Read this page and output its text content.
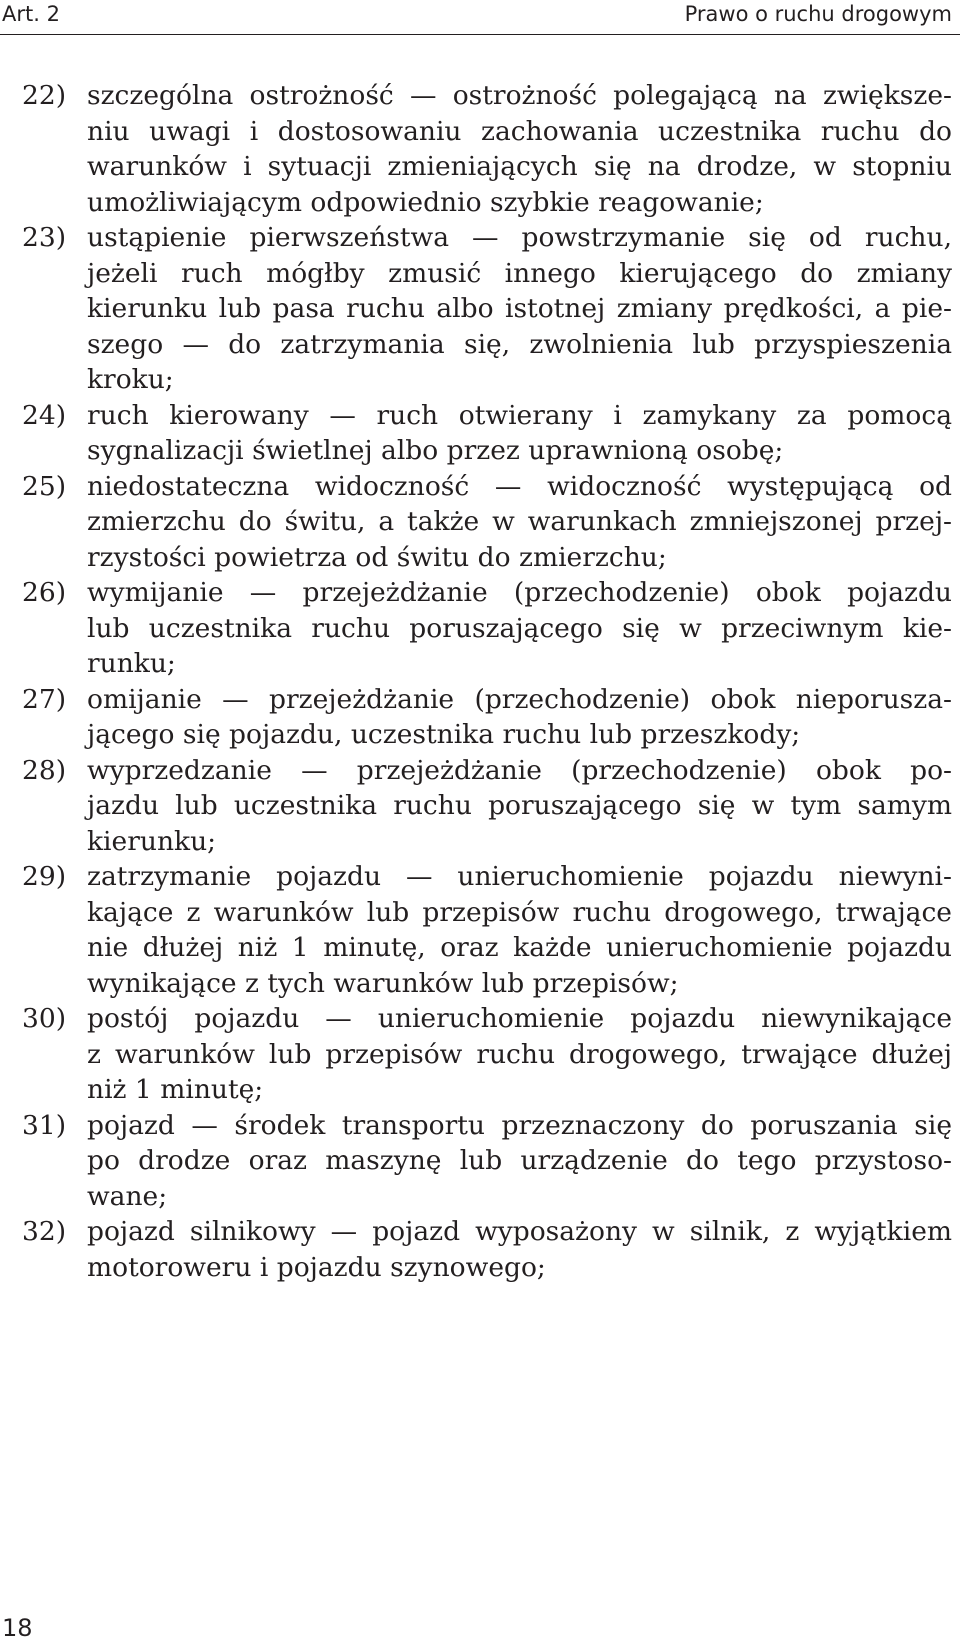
Art. 2	Prawo o ruchu drogowym
22) szczególna ostrożność — ostrożność polegającą na zwiększe-
niu uwagi i dostosowaniu zachowania uczestnika ruchu do
warunków i sytuacji zmieniających się na drodze, w stopniu
umożliwiającym odpowiednio szybkie reagowanie;
23) ustąpienie pierwszeństwa — powstrzymanie się od ruchu,
jeżeli ruch mógłby zmusić innego kierującego do zmiany
kierunku lub pasa ruchu albo istotnej zmiany prędkości, a pie-
szego — do zatrzymania się, zwolnienia lub przyspieszenia
kroku;
24) ruch kierowany — ruch otwierany i zamykany za pomocą
sygnalizacji świetlnej albo przez uprawnioną osobę;
25) niedostateczna widoczność — widoczność występującą od
zmierzchu do świtu, a także w warunkach zmniejszonej przej-
rzystości powietrza od świtu do zmierzchu;
26) wymijanie — przejeżdżanie (przechodzenie) obok pojazdu
lub uczestnika ruchu poruszającego się w przeciwnym kie-
runku;
27) omijanie — przejeżdżanie (przechodzenie) obok nieporusza-
jącego się pojazdu, uczestnika ruchu lub przeszkody;
28) wyprzedzanie — przejeżdżanie (przechodzenie) obok po-
jazdu lub uczestnika ruchu poruszającego się w tym samym
kierunku;
29) zatrzymanie pojazdu — unieruchomienie pojazdu niewyni-
kające z warunków lub przepisów ruchu drogowego, trwające
nie dłużej niż 1 minutę, oraz każde unieruchomienie pojazdu
wynikające z tych warunków lub przepisów;
30) postój pojazdu — unieruchomienie pojazdu niewynikające
z warunków lub przepisów ruchu drogowego, trwające dłużej
niż 1 minutę;
31) pojazd — środek transportu przeznaczony do poruszania się
po drodze oraz maszynę lub urządzenie do tego przystoso-
wane;
32) pojazd silnikowy — pojazd wyposażony w silnik, z wyjątkiem
motoroweru i pojazdu szynowego;
18
